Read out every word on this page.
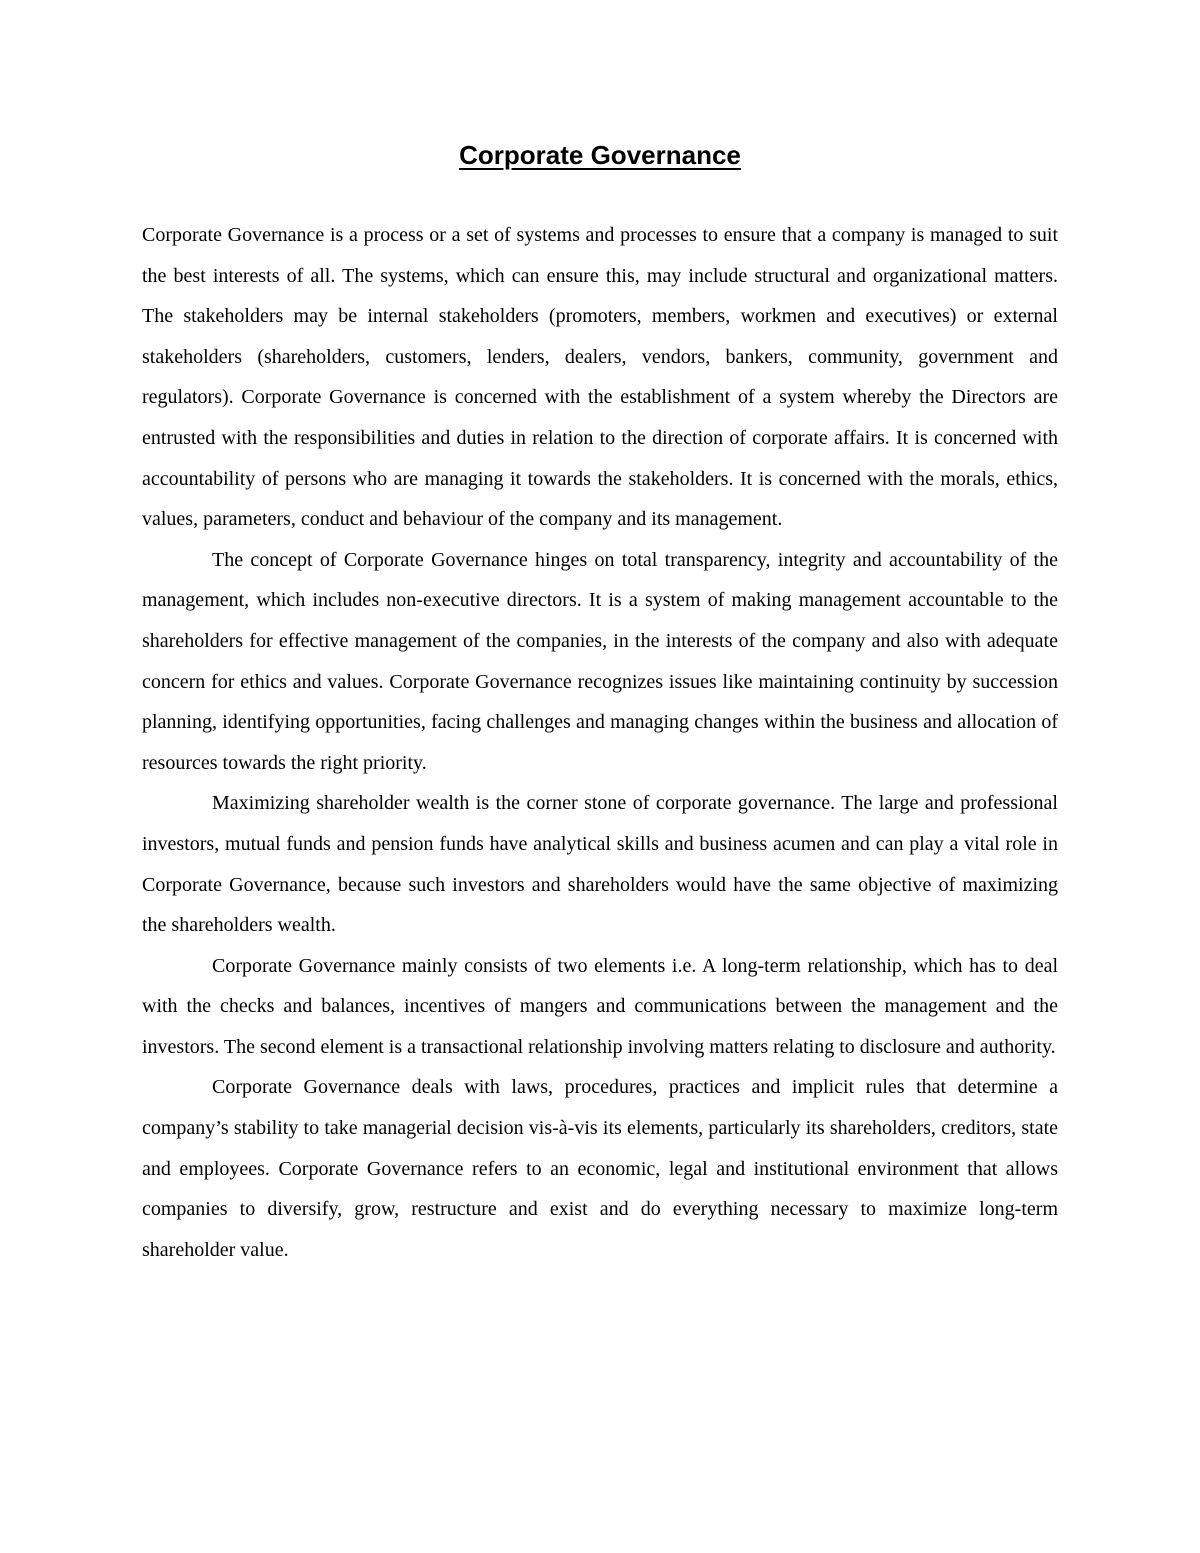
Corporate Governance

Corporate Governance is a process or a set of systems and processes to ensure that a company is managed to suit the best interests of all. The systems, which can ensure this, may include structural and organizational matters. The stakeholders may be internal stakeholders (promoters, members, workmen and executives) or external stakeholders (shareholders, customers, lenders, dealers, vendors, bankers, community, government and regulators). Corporate Governance is concerned with the establishment of a system whereby the Directors are entrusted with the responsibilities and duties in relation to the direction of corporate affairs. It is concerned with accountability of persons who are managing it towards the stakeholders. It is concerned with the morals, ethics, values, parameters, conduct and behaviour of the company and its management.

The concept of Corporate Governance hinges on total transparency, integrity and accountability of the management, which includes non-executive directors. It is a system of making management accountable to the shareholders for effective management of the companies, in the interests of the company and also with adequate concern for ethics and values. Corporate Governance recognizes issues like maintaining continuity by succession planning, identifying opportunities, facing challenges and managing changes within the business and allocation of resources towards the right priority.

Maximizing shareholder wealth is the corner stone of corporate governance. The large and professional investors, mutual funds and pension funds have analytical skills and business acumen and can play a vital role in Corporate Governance, because such investors and shareholders would have the same objective of maximizing the shareholders wealth.

Corporate Governance mainly consists of two elements i.e. A long-term relationship, which has to deal with the checks and balances, incentives of mangers and communications between the management and the investors. The second element is a transactional relationship involving matters relating to disclosure and authority.

Corporate Governance deals with laws, procedures, practices and implicit rules that determine a company’s stability to take managerial decision vis-à-vis its elements, particularly its shareholders, creditors, state and employees. Corporate Governance refers to an economic, legal and institutional environment that allows companies to diversify, grow, restructure and exist and do everything necessary to maximize long-term shareholder value.
